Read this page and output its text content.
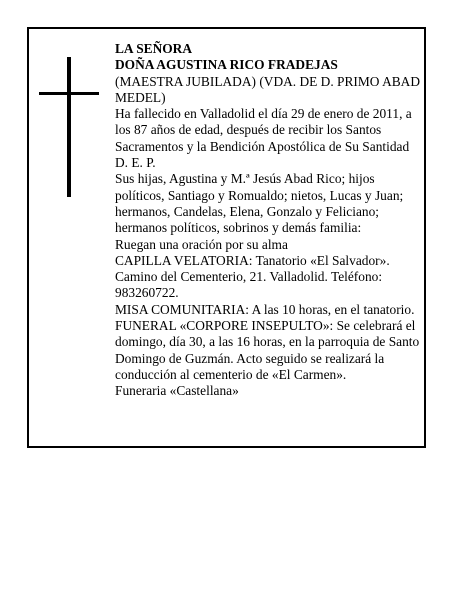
LA SEÑORA

DOÑA AGUSTINA RICO FRADEJAS

(MAESTRA JUBILADA) (VDA. DE D. PRIMO ABAD MEDEL)

Ha fallecido en Valladolid el día 29 de enero de 2011, a los 87 años de edad, después de recibir los Santos Sacramentos y la Bendición Apostólica de Su Santidad D. E. P.

Sus hijas, Agustina y M.ª Jesús Abad Rico; hijos políticos, Santiago y Romualdo; nietos, Lucas y Juan; hermanos, Candelas, Elena, Gonzalo y Feliciano; hermanos políticos, sobrinos y demás familia:

Ruegan una oración por su alma

CAPILLA VELATORIA: Tanatorio «El Salvador». Camino del Cementerio, 21. Valladolid. Teléfono: 983260722.

MISA COMUNITARIA: A las 10 horas, en el tanatorio.

FUNERAL «CORPORE INSEPULTO»: Se celebrará el domingo, día 30, a las 16 horas, en la parroquia de Santo Domingo de Guzmán. Acto seguido se realizará la conducción al cementerio de «El Carmen».

Funeraria «Castellana»
